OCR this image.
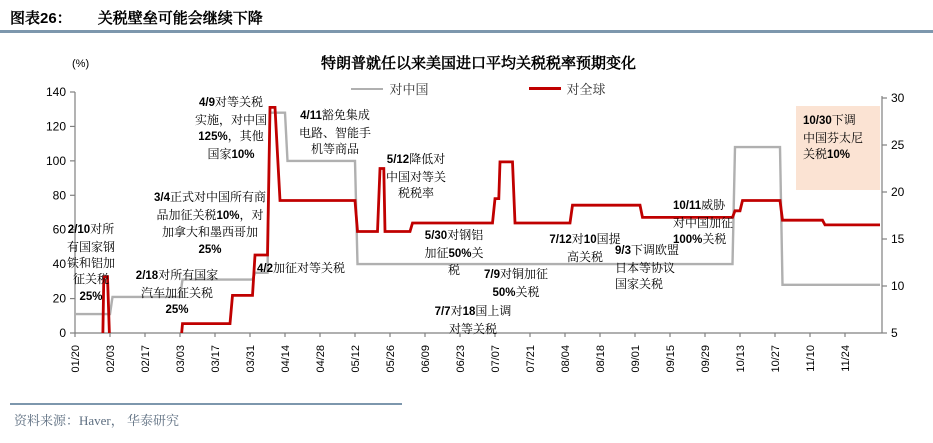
图表26： 关税壁垒可能会继续下降
特朗普就任以来美国进口平均关税税率预期变化
对中国	对全球
(%)
0
20
40
60
80
100
120
140
5
10
15
20
25
30
01/20 02/03 02/17 03/03 03/17 03/31 04/14 04/28 05/12 05/26 06/09 06/23 07/07 07/21 08/04 08/18 09/01 09/15 09/29 10/13 10/27 11/10 11/24
2/10对所
有国家钢
铁和铝加
征关税
25%
2/18对所有国家
汽车加征关税
25%
3/4正式对中国所有商
品加征关税10%，对
加拿大和墨西哥加
25%
4/9对等关税
实施，对中国
125%，其他
国家10%
4/11豁免集成
电路、智能手
机等商品
4/2加征对等关税
5/12降低对
中国对等关
税税率
5/30对钢铝
加征50%关
税	7/9对铜加征
50%关税
7/7对18国上调
对等关税
7/12对10国提
高关税	9/3下调欧盟
日本等协议
国家关税
10/11威胁
对中国加征
100%关税
10/30下调
中国芬太尼
关税10%
资料来源：Haver， 华泰研究
